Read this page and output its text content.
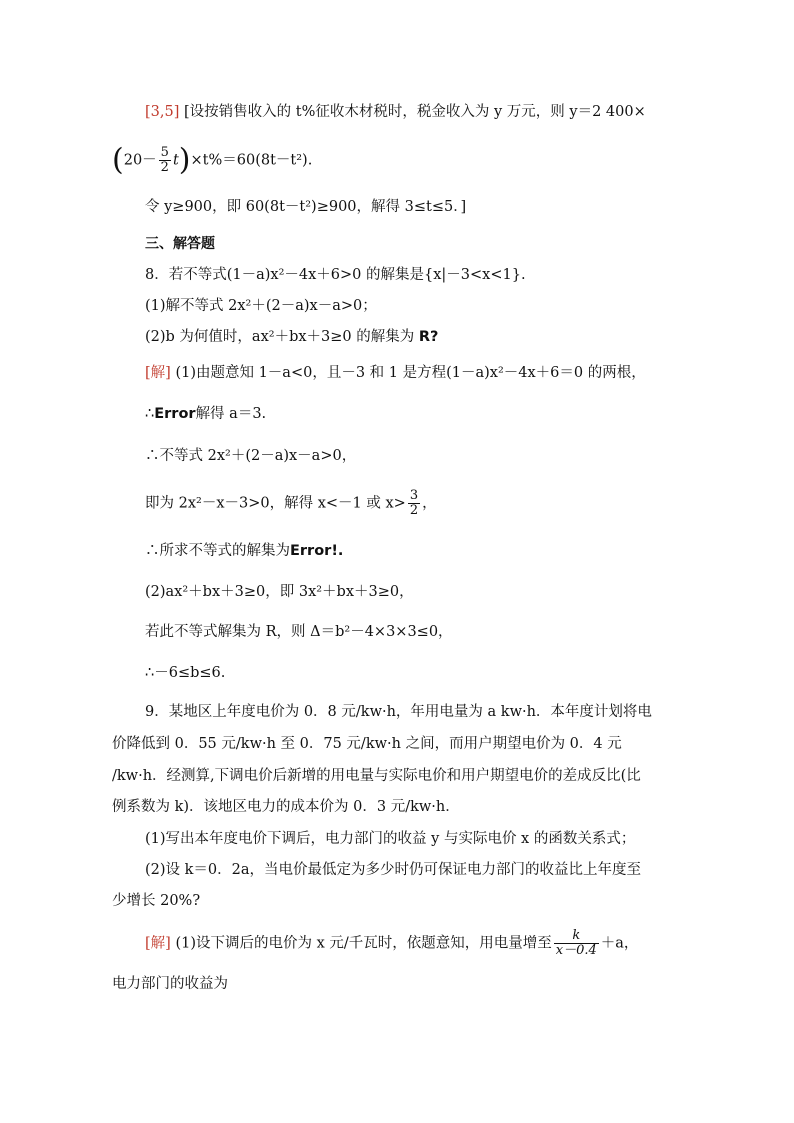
[3,5] [设按销售收入的 t%征收木材税时，税金收入为 y 万元，则 y＝2 400×
$(20- \frac{5}{2} t)\times t\%=60(8t-t^2)$.
令 y≥900，即 60(8t－t²)≥900，解得 3≤t≤5．]
三、解答题
8．若不等式(1－a)x²－4x＋6>0 的解集是{x|－3<x<1}.
(1)解不等式 2x²＋(2－a)x－a>0；
(2)b 为何值时，ax²＋bx＋3≥0 的解集为 R?
[解] (1)由题意知 1－a<0，且－3 和 1 是方程(1－a)x²－4x＋6＝0 的两根，
∴Error解得 a＝3.
∴不等式 2x²＋(2－a)x－a>0，
即为 2x²－x－3>0，解得 x<－1 或 $x> \frac{3}{2}$ ，
∴所求不等式的解集为Error!.
(2)ax²＋bx＋3≥0，即 3x²＋bx＋3≥0，
若此不等式解集为 R，则 Δ＝b²－4×3×3≤0，
∴－6≤b≤6.
9．某地区上年度电价为 0．8 元/kw·h，年用电量为 a kw·h．本年度计划将电
价降低到 0．55 元/kw·h 至 0．75 元/kw·h 之间，而用户期望电价为 0．4 元
/kw·h．经测算,下调电价后新增的用电量与实际电价和用户期望电价的差成反比(比
例系数为 k)．该地区电力的成本价为 0．3 元/kw·h．
(1)写出本年度电价下调后，电力部门的收益 y 与实际电价 x 的函数关系式；
(2)设 k＝0．2a，当电价最低定为多少时仍可保证电力部门的收益比上年度至
少增长 20%?
[解] (1)设下调后的电价为 x 元/千瓦时，依题意知，用电量增至 $\frac{k}{x-0.4} +a$，
电力部门的收益为
